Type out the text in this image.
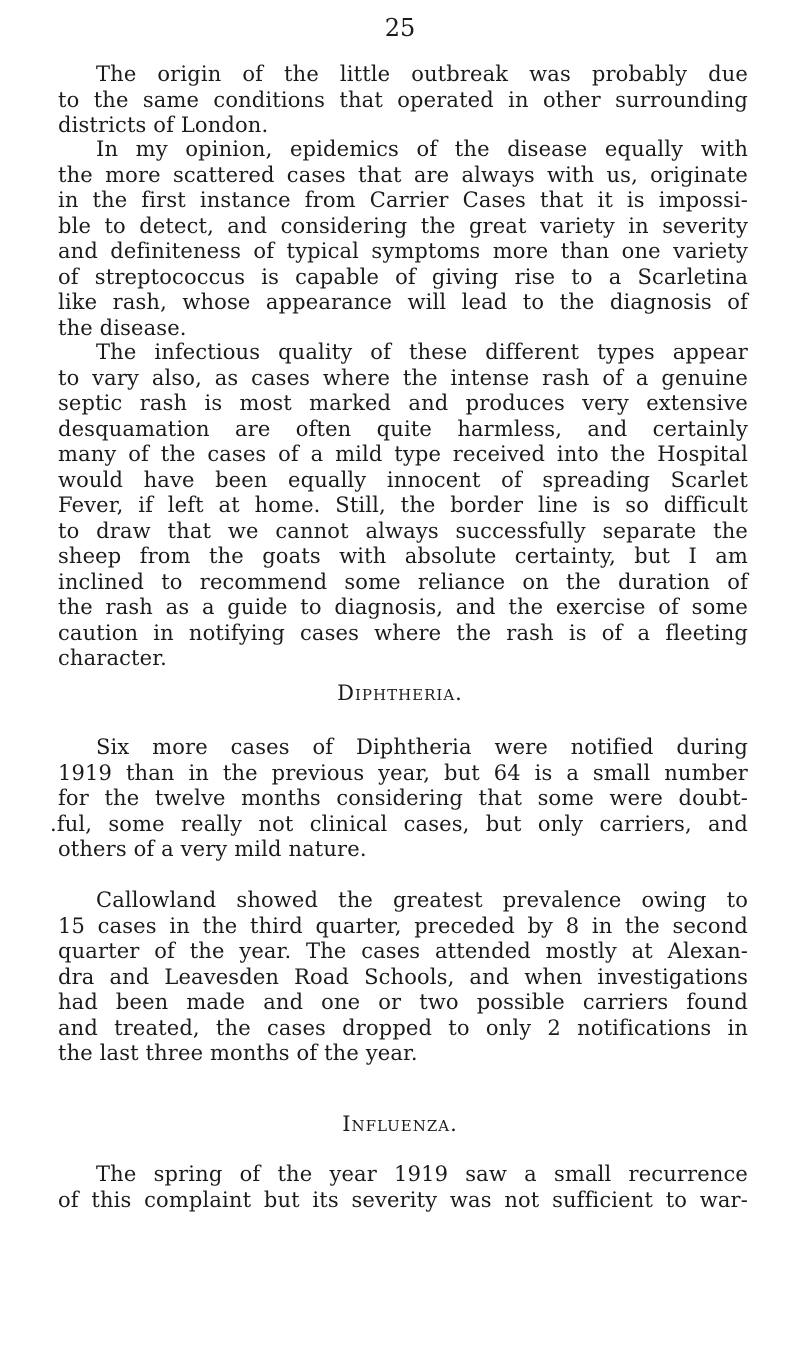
25

The origin of the little outbreak was probably due
to the same conditions that operated in other surrounding
districts of London.

In my opinion, epidemics of the disease equally with
the more scattered cases that are always with us, originate
in the first instance from Carrier Cases that it is impossi-
ble to detect, and considering the great variety in severity
and definiteness of typical symptoms more than one variety
of streptococcus is capable of giving rise to a Scarletina
like rash, whose appearance will lead to the diagnosis of
the disease.

The infectious quality of these different types appear
to vary also, as cases where the intense rash of a genuine
septic rash is most marked and produces very extensive
desquamation are often quite harmless, and certainly
many of the cases of a mild type received into the Hospital
would have been equally innocent of spreading Scarlet
Fever, if left at home. Still, the border line is so difficult
to draw that we cannot always successfully separate the
sheep from the goats with absolute certainty, but I am
inclined to recommend some reliance on the duration of
the rash as a guide to diagnosis, and the exercise of some
caution in notifying cases where the rash is of a fleeting
character.

Diphtheria.

Six more cases of Diphtheria were notified during
1919 than in the previous year, but 64 is a small number
for the twelve months considering that some were doubt-
.ful, some really not clinical cases, but only carriers, and
others of a very mild nature.

Callowland showed the greatest prevalence owing to
15 cases in the third quarter, preceded by 8 in the second
quarter of the year. The cases attended mostly at Alexan-
dra and Leavesden Road Schools, and when investigations
had been made and one or two possible carriers found
and treated, the cases dropped to only 2 notifications in
the last three months of the year.

Influenza.

The spring of the year 1919 saw a small recurrence
of this complaint but its severity was not sufficient to war-
